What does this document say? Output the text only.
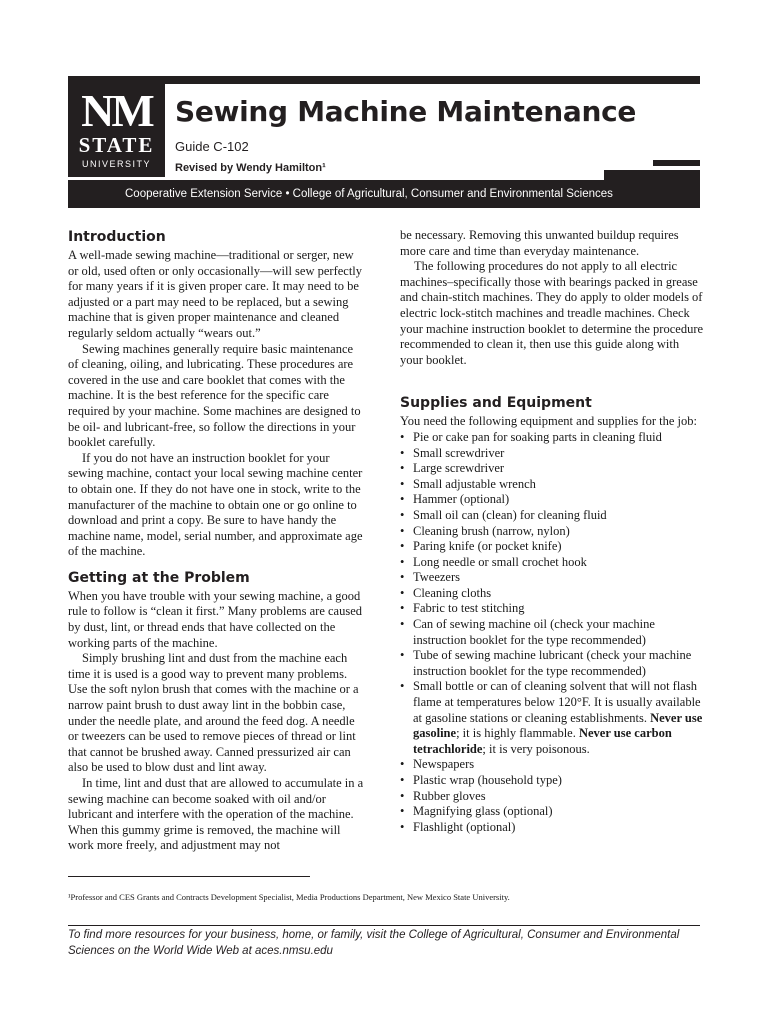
NM
STATE
UNIVERSITY
Sewing Machine Maintenance
Guide C-102
Revised by Wendy Hamilton¹
Cooperative Extension Service • College of Agricultural, Consumer and Environmental Sciences
Introduction

A well-made sewing machine—traditional or serger, new or old, used often or only occasionally—will sew perfectly for many years if it is given proper care. It may need to be adjusted or a part may need to be replaced, but a sewing machine that is given proper maintenance and cleaned regularly seldom actually “wears out.”

Sewing machines generally require basic maintenance of cleaning, oiling, and lubricating. These procedures are covered in the use and care booklet that comes with the machine. It is the best reference for the specific care required by your machine. Some machines are designed to be oil- and lubricant-free, so follow the directions in your booklet carefully.

If you do not have an instruction booklet for your sewing machine, contact your local sewing machine center to obtain one. If they do not have one in stock, write to the manufacturer of the machine to obtain one or go online to download and print a copy. Be sure to have handy the machine name, model, serial number, and approximate age of the machine.

Getting at the Problem

When you have trouble with your sewing machine, a good rule to follow is “clean it first.” Many problems are caused by dust, lint, or thread ends that have collected on the working parts of the machine.

Simply brushing lint and dust from the machine each time it is used is a good way to prevent many problems. Use the soft nylon brush that comes with the machine or a narrow paint brush to dust away lint in the bobbin case, under the needle plate, and around the feed dog. A needle or tweezers can be used to remove pieces of thread or lint that cannot be brushed away. Canned pressurized air can also be used to blow dust and lint away.

In time, lint and dust that are allowed to accumulate in a sewing machine can become soaked with oil and/or lubricant and interfere with the operation of the machine. When this gummy grime is removed, the machine will work more freely, and adjustment may not

be necessary. Removing this unwanted buildup requires more care and time than everyday maintenance.

The following procedures do not apply to all electric machines–specifically those with bearings packed in grease and chain-stitch machines. They do apply to older models of electric lock-stitch machines and treadle machines. Check your machine instruction booklet to determine the procedure recommended to clean it, then use this guide along with your booklet.

Supplies and Equipment

You need the following equipment and supplies for the job:

• Pie or cake pan for soaking parts in cleaning fluid
• Small screwdriver
• Large screwdriver
• Small adjustable wrench
• Hammer (optional)
• Small oil can (clean) for cleaning fluid
• Cleaning brush (narrow, nylon)
• Paring knife (or pocket knife)
• Long needle or small crochet hook
• Tweezers
• Cleaning cloths
• Fabric to test stitching
• Can of sewing machine oil (check your machine instruction booklet for the type recommended)
• Tube of sewing machine lubricant (check your machine instruction booklet for the type recommended)
• Small bottle or can of cleaning solvent that will not flash flame at temperatures below 120°F. It is usually available at gasoline stations or cleaning establishments. Never use gasoline; it is highly flammable. Never use carbon tetrachloride; it is very poisonous.
• Newspapers
• Plastic wrap (household type)
• Rubber gloves
• Magnifying glass (optional)
• Flashlight (optional)
¹Professor and CES Grants and Contracts Development Specialist, Media Productions Department, New Mexico State University.
To find more resources for your business, home, or family, visit the College of Agricultural, Consumer and Environmental Sciences on the World Wide Web at aces.nmsu.edu
